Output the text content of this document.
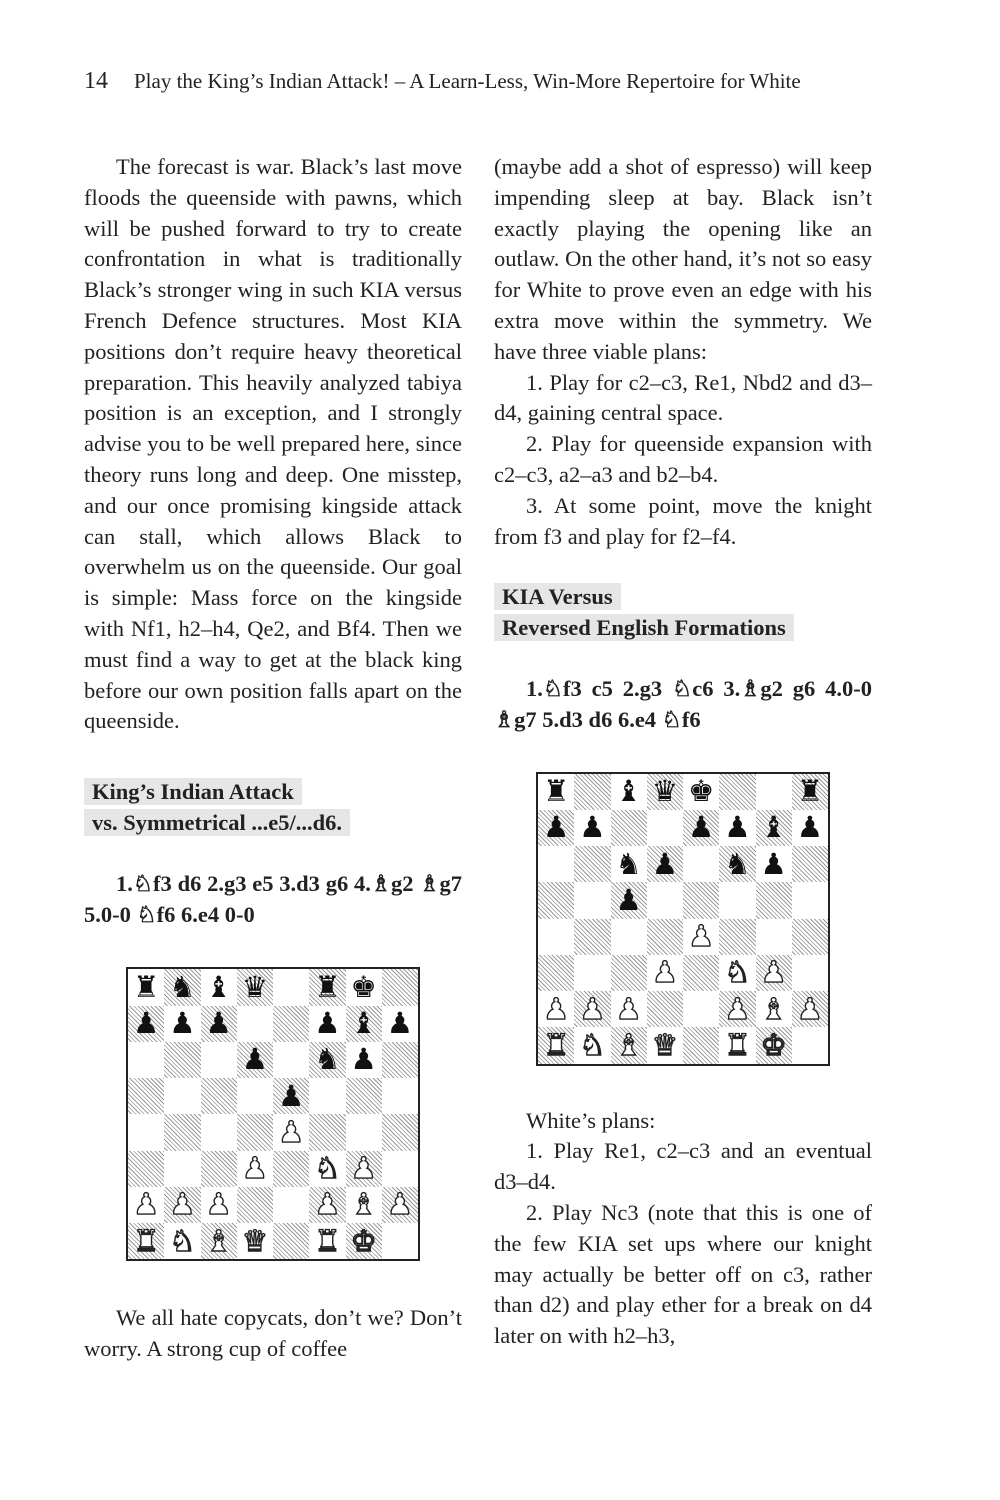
14 Play the King’s Indian Attack! – A Learn-Less, Win-More Repertoire for White

The forecast is war. Black’s last move floods the queenside with pawns, which will be pushed forward to try to create confrontation in what is traditionally Black’s stronger wing in such KIA versus French Defence structures. Most KIA positions don’t require heavy theoretical preparation. This heavily analyzed tabiya position is an exception, and I strongly advise you to be well prepared here, since theory runs long and deep. One misstep, and our once promising kingside attack can stall, which allows Black to overwhelm us on the queenside. Our goal is simple: Mass force on the kingside with Nf1, h2–h4, Qe2, and Bf4. Then we must find a way to get at the black king before our own position falls apart on the queenside.

King’s Indian Attack

vs. Symmetrical ...e5/...d6.

1.♘f3 d6 2.g3 e5 3.d3 g6 4.♗g2 ♗g7 5.0-0 ♘f6 6.e4 0-0

♜ ♞ ♝ ♛ ♜ ♚
♟ ♟ ♟	♟ ♝ ♟
♟ ♞ ♟
♟
♟
♟ ♞ ♟
♟ ♟ ♟	♟ ♝ ♟
♜ ♞ ♝ ♛ ♜ ♚

We all hate copycats, don’t we? Don’t worry. A strong cup of coffee

(maybe add a shot of espresso) will keep impending sleep at bay. Black isn’t exactly playing the opening like an outlaw. On the other hand, it’s not so easy for White to prove even an edge with his extra move within the symmetry. We have three viable plans:

1. Play for c2–c3, Re1, Nbd2 and d3–d4, gaining central space.

2. Play for queenside expansion with c2–c3, a2–a3 and b2–b4.

3. At some point, move the knight from f3 and play for f2–f4.

KIA Versus

Reversed English Formations

1.♘f3 c5 2.g3 ♘c6 3.♗g2 g6 4.0-0 ♗g7 5.d3 d6 6.e4 ♘f6

♜ ♝ ♛ ♚	♜
♟ ♟	♟ ♟ ♝ ♟
♞ ♟ ♞ ♟
♟
♟
♟ ♞ ♟
♟ ♟ ♟	♟ ♝ ♟
♜ ♞ ♝ ♛ ♜ ♚

White’s plans:

1. Play Re1, c2–c3 and an eventual d3–d4.

2. Play Nc3 (note that this is one of the few KIA set ups where our knight may actually be better off on c3, rather than d2) and play ether for a break on d4 later on with h2–h3,
